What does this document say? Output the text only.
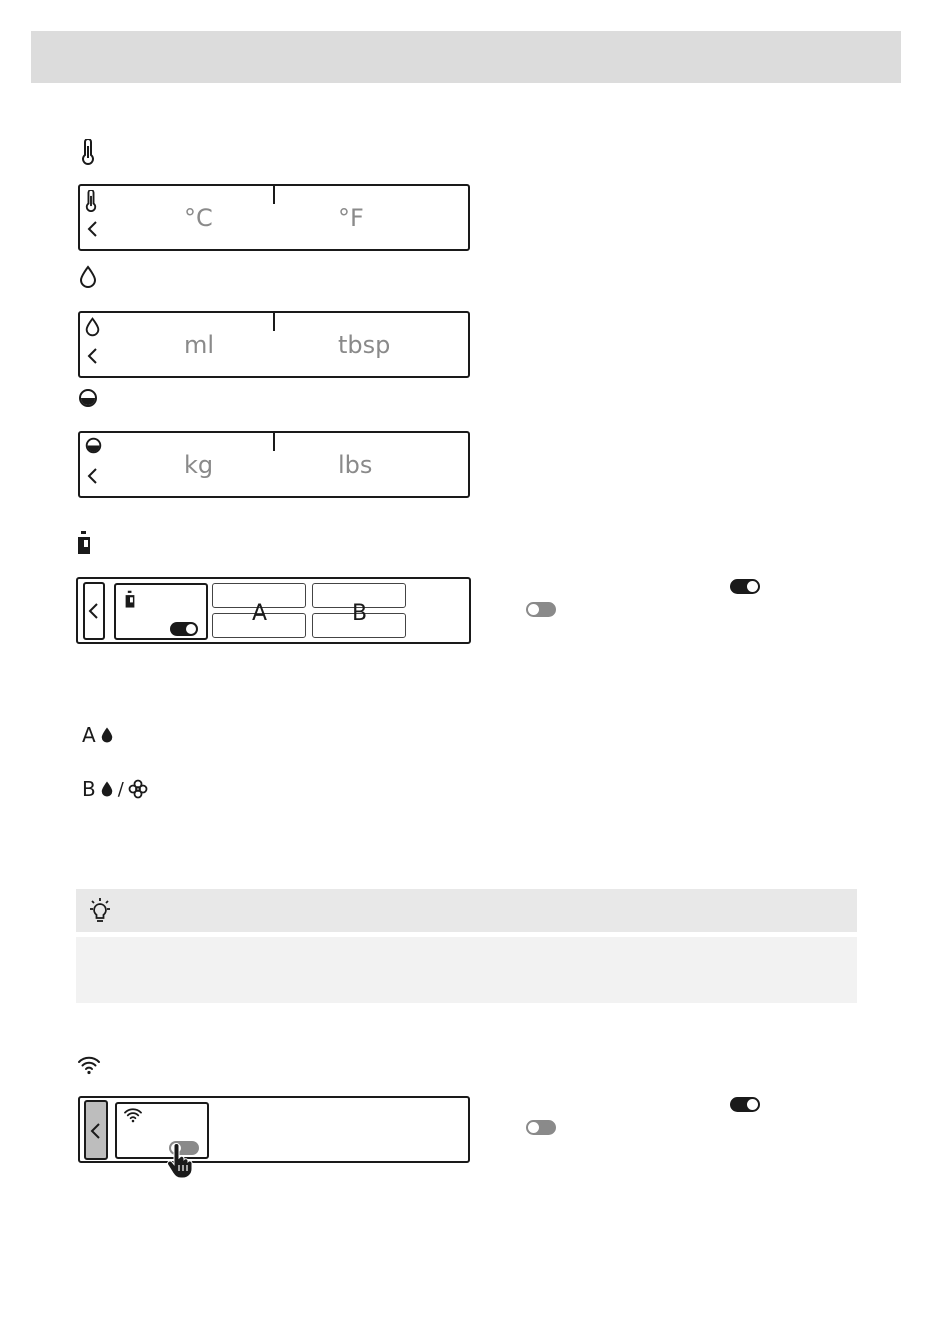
°C	°F
ml	tbsp
kg	lbs
A	B
A
B /
